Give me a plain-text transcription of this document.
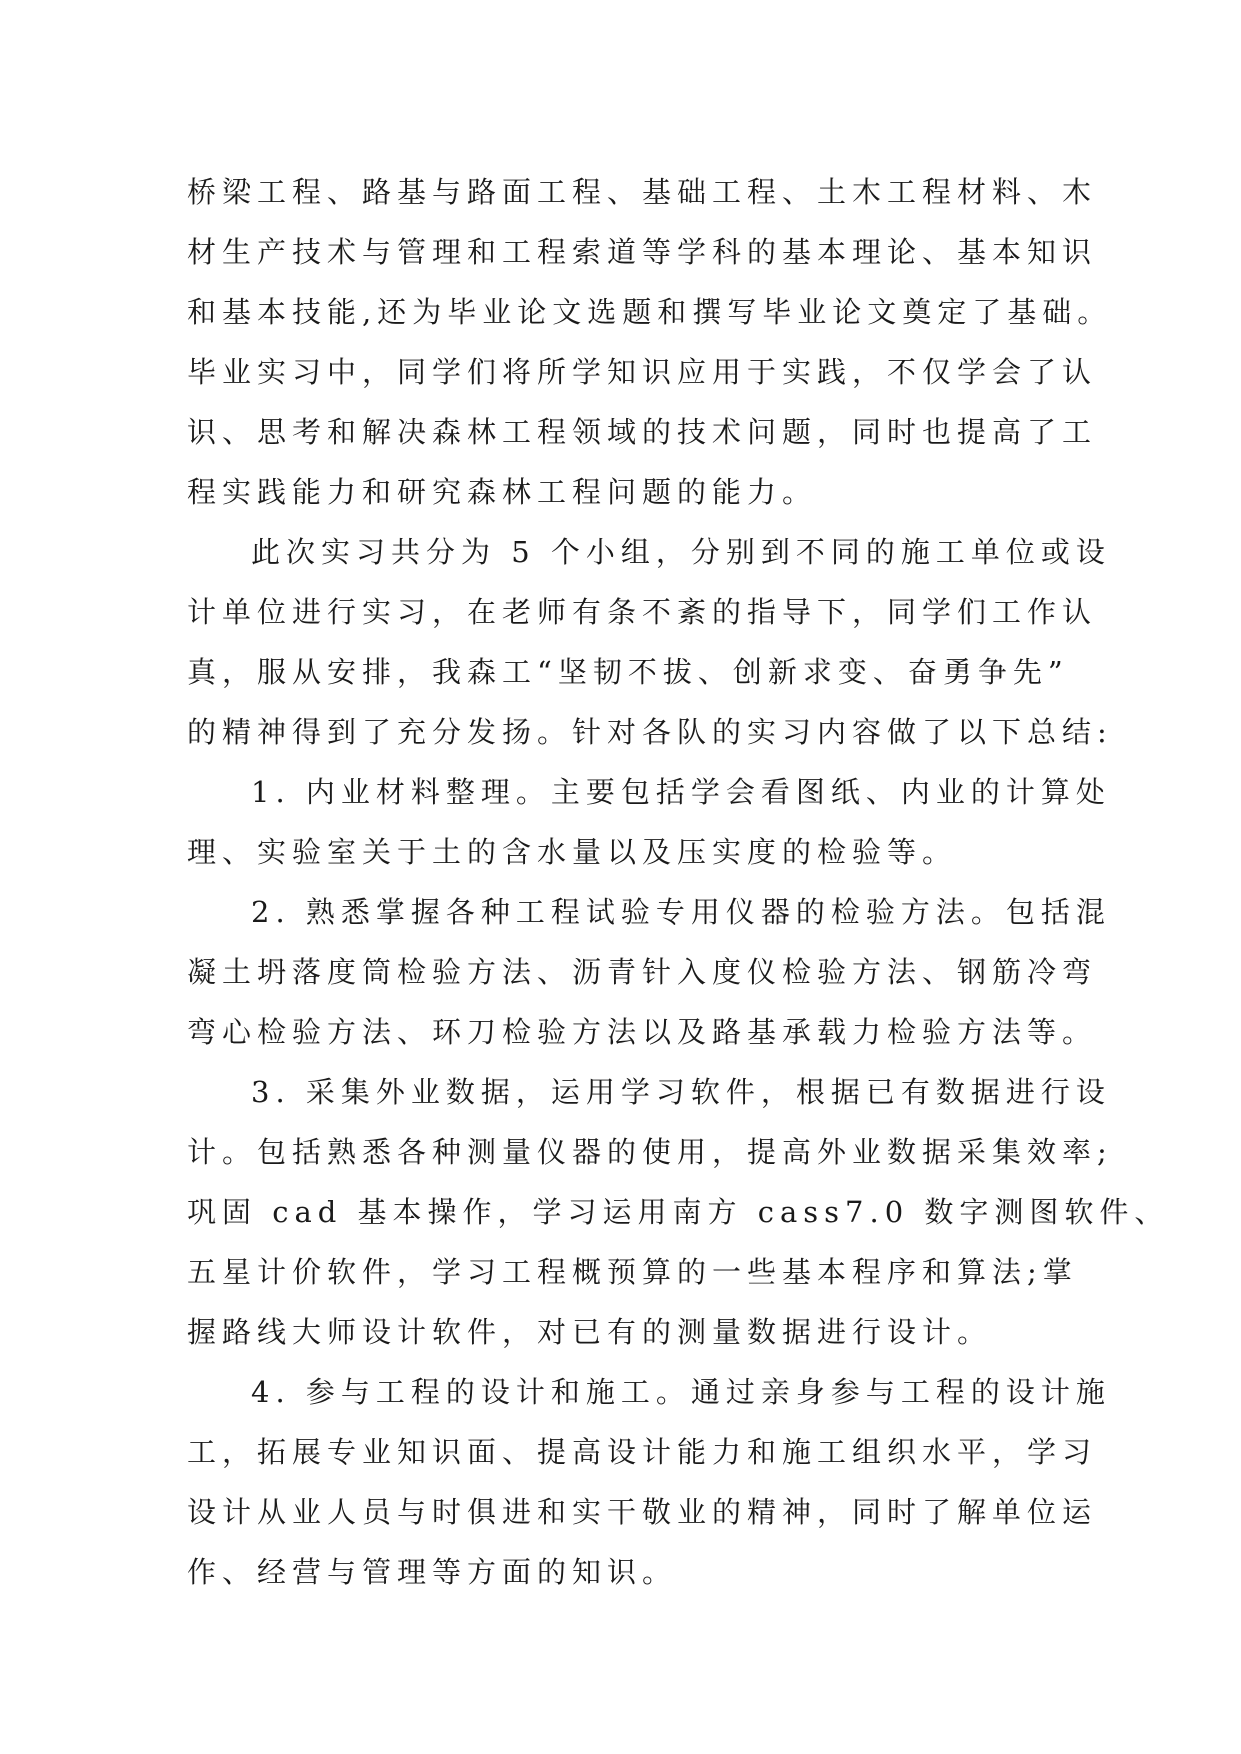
桥梁工程、路基与路面工程、基础工程、土木工程材料、木
材生产技术与管理和工程索道等学科的基本理论、基本知识
和基本技能,还为毕业论文选题和撰写毕业论文奠定了基础。
毕业实习中，同学们将所学知识应用于实践，不仅学会了认
识、思考和解决森林工程领域的技术问题，同时也提高了工
程实践能力和研究森林工程问题的能力。
此次实习共分为 5 个小组，分别到不同的施工单位或设
计单位进行实习，在老师有条不紊的指导下，同学们工作认
真，服从安排，我森工“坚韧不拔、创新求变、奋勇争先”
的精神得到了充分发扬。针对各队的实习内容做了以下总结:
1. 内业材料整理。主要包括学会看图纸、内业的计算处
理、实验室关于土的含水量以及压实度的检验等。
2. 熟悉掌握各种工程试验专用仪器的检验方法。包括混
凝土坍落度筒检验方法、沥青针入度仪检验方法、钢筋冷弯
弯心检验方法、环刀检验方法以及路基承载力检验方法等。
3. 采集外业数据，运用学习软件，根据已有数据进行设
计。包括熟悉各种测量仪器的使用，提高外业数据采集效率;
巩固 cad 基本操作，学习运用南方 cass7.0 数字测图软件、
五星计价软件，学习工程概预算的一些基本程序和算法;掌
握路线大师设计软件，对已有的测量数据进行设计。
4. 参与工程的设计和施工。通过亲身参与工程的设计施
工，拓展专业知识面、提高设计能力和施工组织水平，学习
设计从业人员与时俱进和实干敬业的精神，同时了解单位运
作、经营与管理等方面的知识。
